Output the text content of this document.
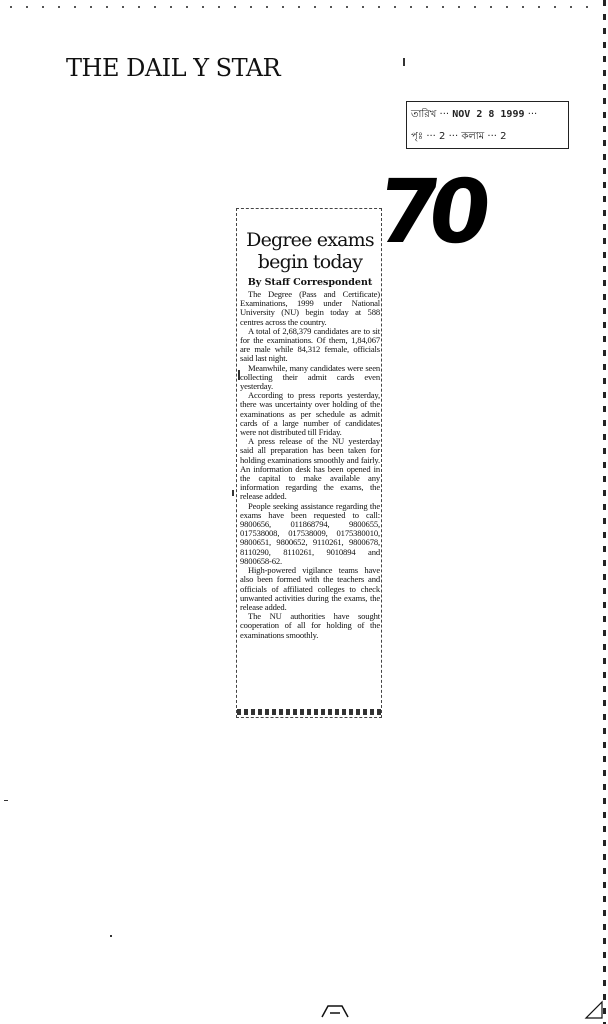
THE DAIL Y STAR
তারিখ ··· NOV 2 8 1999 ···
পৃঃ ··· 2 ··· কলাম ··· 2
70
Degree exams
begin today
By Staff Correspondent

The Degree (Pass and Certificate) Examinations, 1999 under National University (NU) begin today at 588 centres across the country.

A total of 2,68,379 candidates are to sit for the examinations. Of them, 1,84,067 are male while 84,312 female, officials said last night.

Meanwhile, many candidates were seen collecting their admit cards even yesterday.

According to press reports yesterday, there was uncertainty over holding of the examinations as per schedule as admit cards of a large number of candidates were not distributed till Friday.

A press release of the NU yesterday said all preparation has been taken for holding examinations smoothly and fairly. An information desk has been opened in the capital to make available any information regarding the exams, the release added.

People seeking assistance regarding the exams have been requested to call: 9800656, 011868794, 9800655, 017538008, 017538009, 0175380010, 9800651, 9800652, 9110261, 9800678, 8110290, 8110261, 9010894 and 9800658-62.

High-powered vigilance teams have also been formed with the teachers and officials of affiliated colleges to check unwanted activities during the exams, the release added.

The NU authorities have sought cooperation of all for holding of the examinations smoothly.
